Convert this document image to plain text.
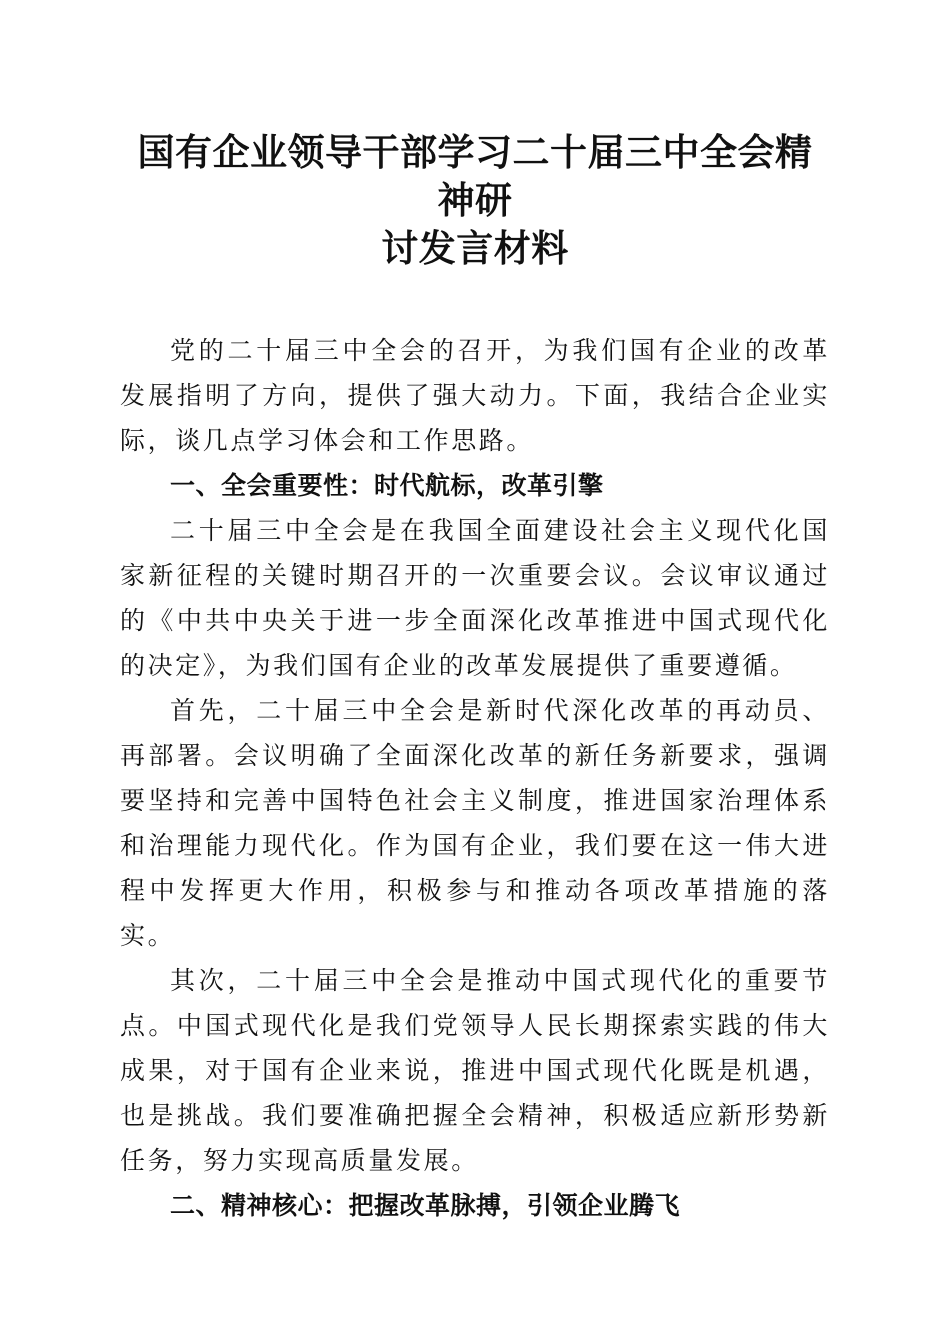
国有企业领导干部学习二十届三中全会精神研
讨发言材料

党的二十届三中全会的召开，为我们国有企业的改革发展指明了方向，提供了强大动力。下面，我结合企业实际，谈几点学习体会和工作思路。

一、全会重要性：时代航标，改革引擎

二十届三中全会是在我国全面建设社会主义现代化国家新征程的关键时期召开的一次重要会议。会议审议通过的《中共中央关于进一步全面深化改革推进中国式现代化的决定》，为我们国有企业的改革发展提供了重要遵循。

首先，二十届三中全会是新时代深化改革的再动员、再部署。会议明确了全面深化改革的新任务新要求，强调要坚持和完善中国特色社会主义制度，推进国家治理体系和治理能力现代化。作为国有企业，我们要在这一伟大进程中发挥更大作用，积极参与和推动各项改革措施的落实。

其次，二十届三中全会是推动中国式现代化的重要节点。中国式现代化是我们党领导人民长期探索实践的伟大成果，对于国有企业来说，推进中国式现代化既是机遇，也是挑战。我们要准确把握全会精神，积极适应新形势新任务，努力实现高质量发展。

二、精神核心：把握改革脉搏，引领企业腾飞
